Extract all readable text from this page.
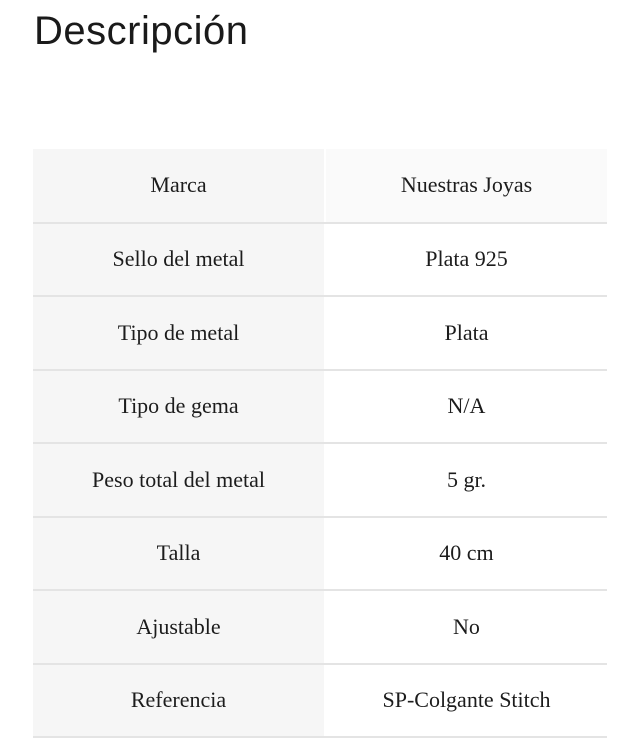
Descripción
Marca	Nuestras Joyas
Sello del metal	Plata 925
Tipo de metal	Plata
Tipo de gema	N/A
Peso total del metal	5 gr.
Talla	40 cm
Ajustable	No
Referencia	SP-Colgante Stitch
